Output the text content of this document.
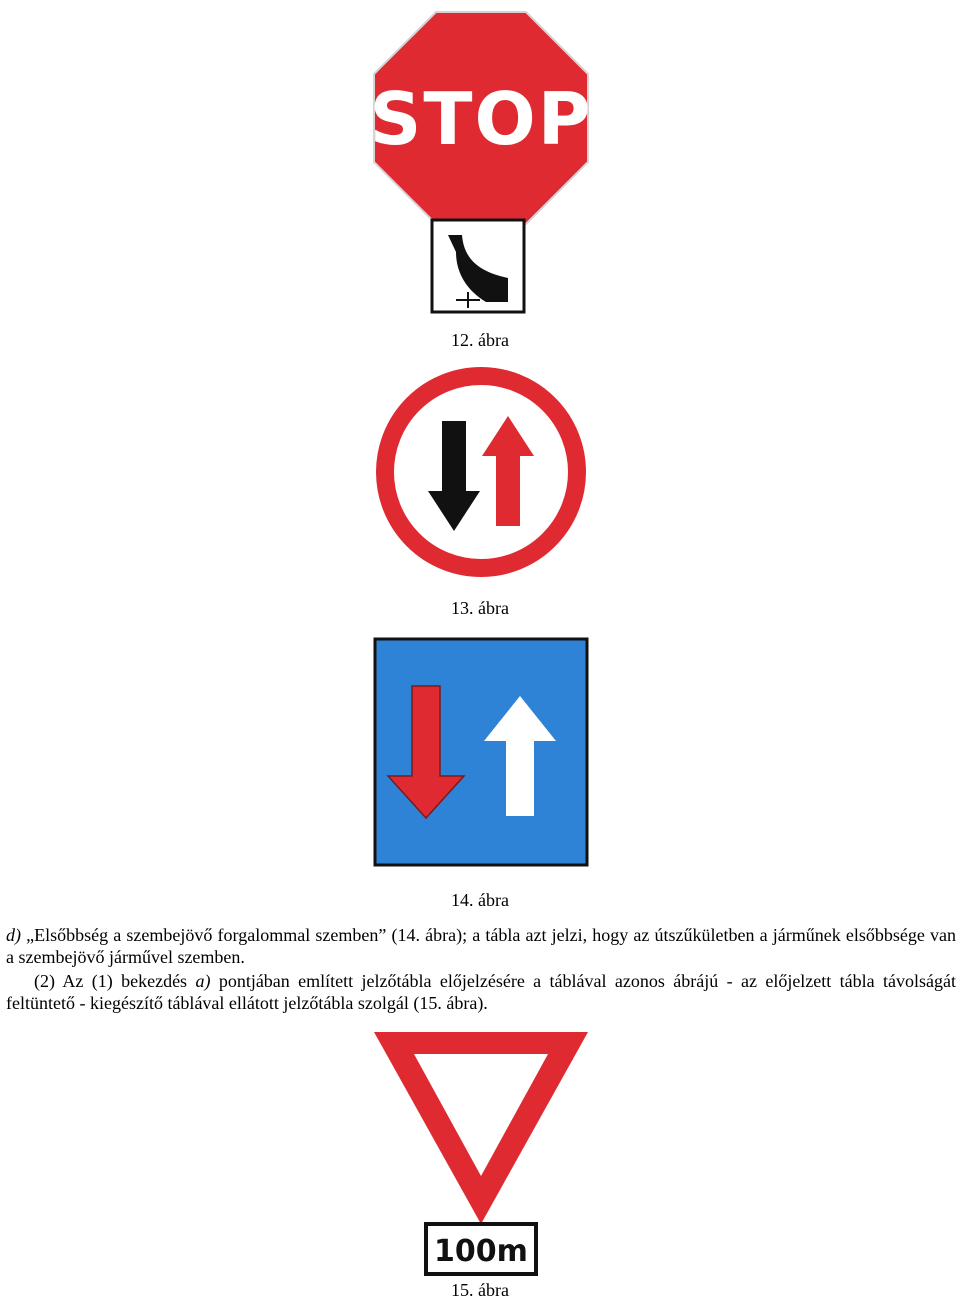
STOP
12. ábra
13. ábra
14. ábra
d) „Elsőbbség a szembejövő forgalommal szemben” (14. ábra); a tábla azt jelzi, hogy az útszűkületben a járműnek elsőbbsége van a szembejövő járművel szemben.
(2) Az (1) bekezdés a) pontjában említett jelzőtábla előjelzésére a táblával azonos ábrájú - az előjelzett tábla távolságát feltüntető - kiegészítő táblával ellátott jelzőtábla szolgál (15. ábra).
100m
15. ábra
